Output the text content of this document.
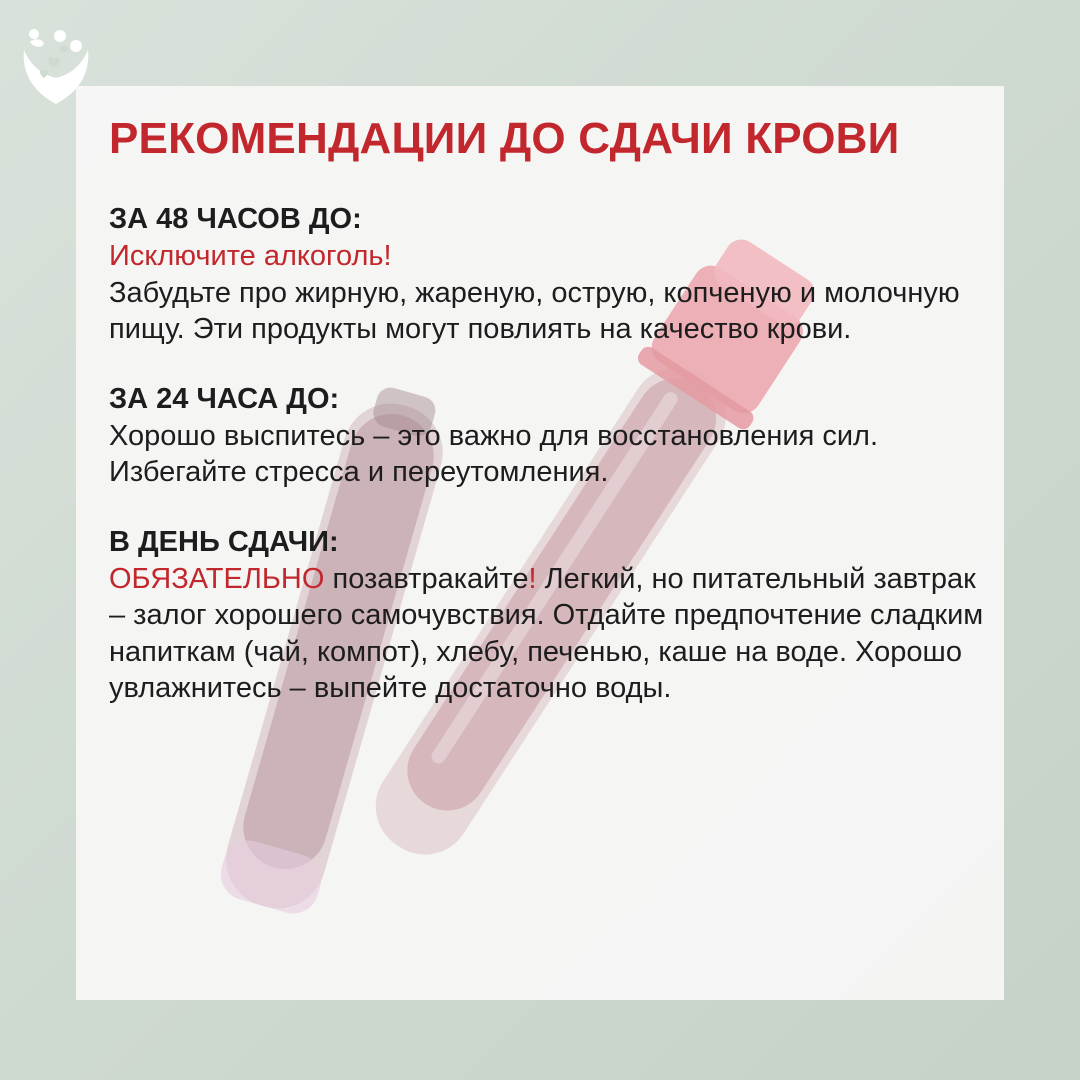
РЕКОМЕНДАЦИИ ДО СДАЧИ КРОВИ
ЗА 48 ЧАСОВ ДО:
Исключите алкоголь!
Забудьте про жирную, жареную, острую, копченую и молочную пищу. Эти продукты могут повлиять на качество крови.
ЗА 24 ЧАСА ДО:
Хорошо выспитесь – это важно для восстановления сил. Избегайте стресса и переутомления.
В ДЕНЬ СДАЧИ:
ОБЯЗАТЕЛЬНО позавтракайте! Легкий, но питательный завтрак – залог хорошего самочувствия. Отдайте предпочтение сладким напиткам (чай, компот), хлебу, печенью, каше на воде. Хорошо увлажнитесь – выпейте достаточно воды.
